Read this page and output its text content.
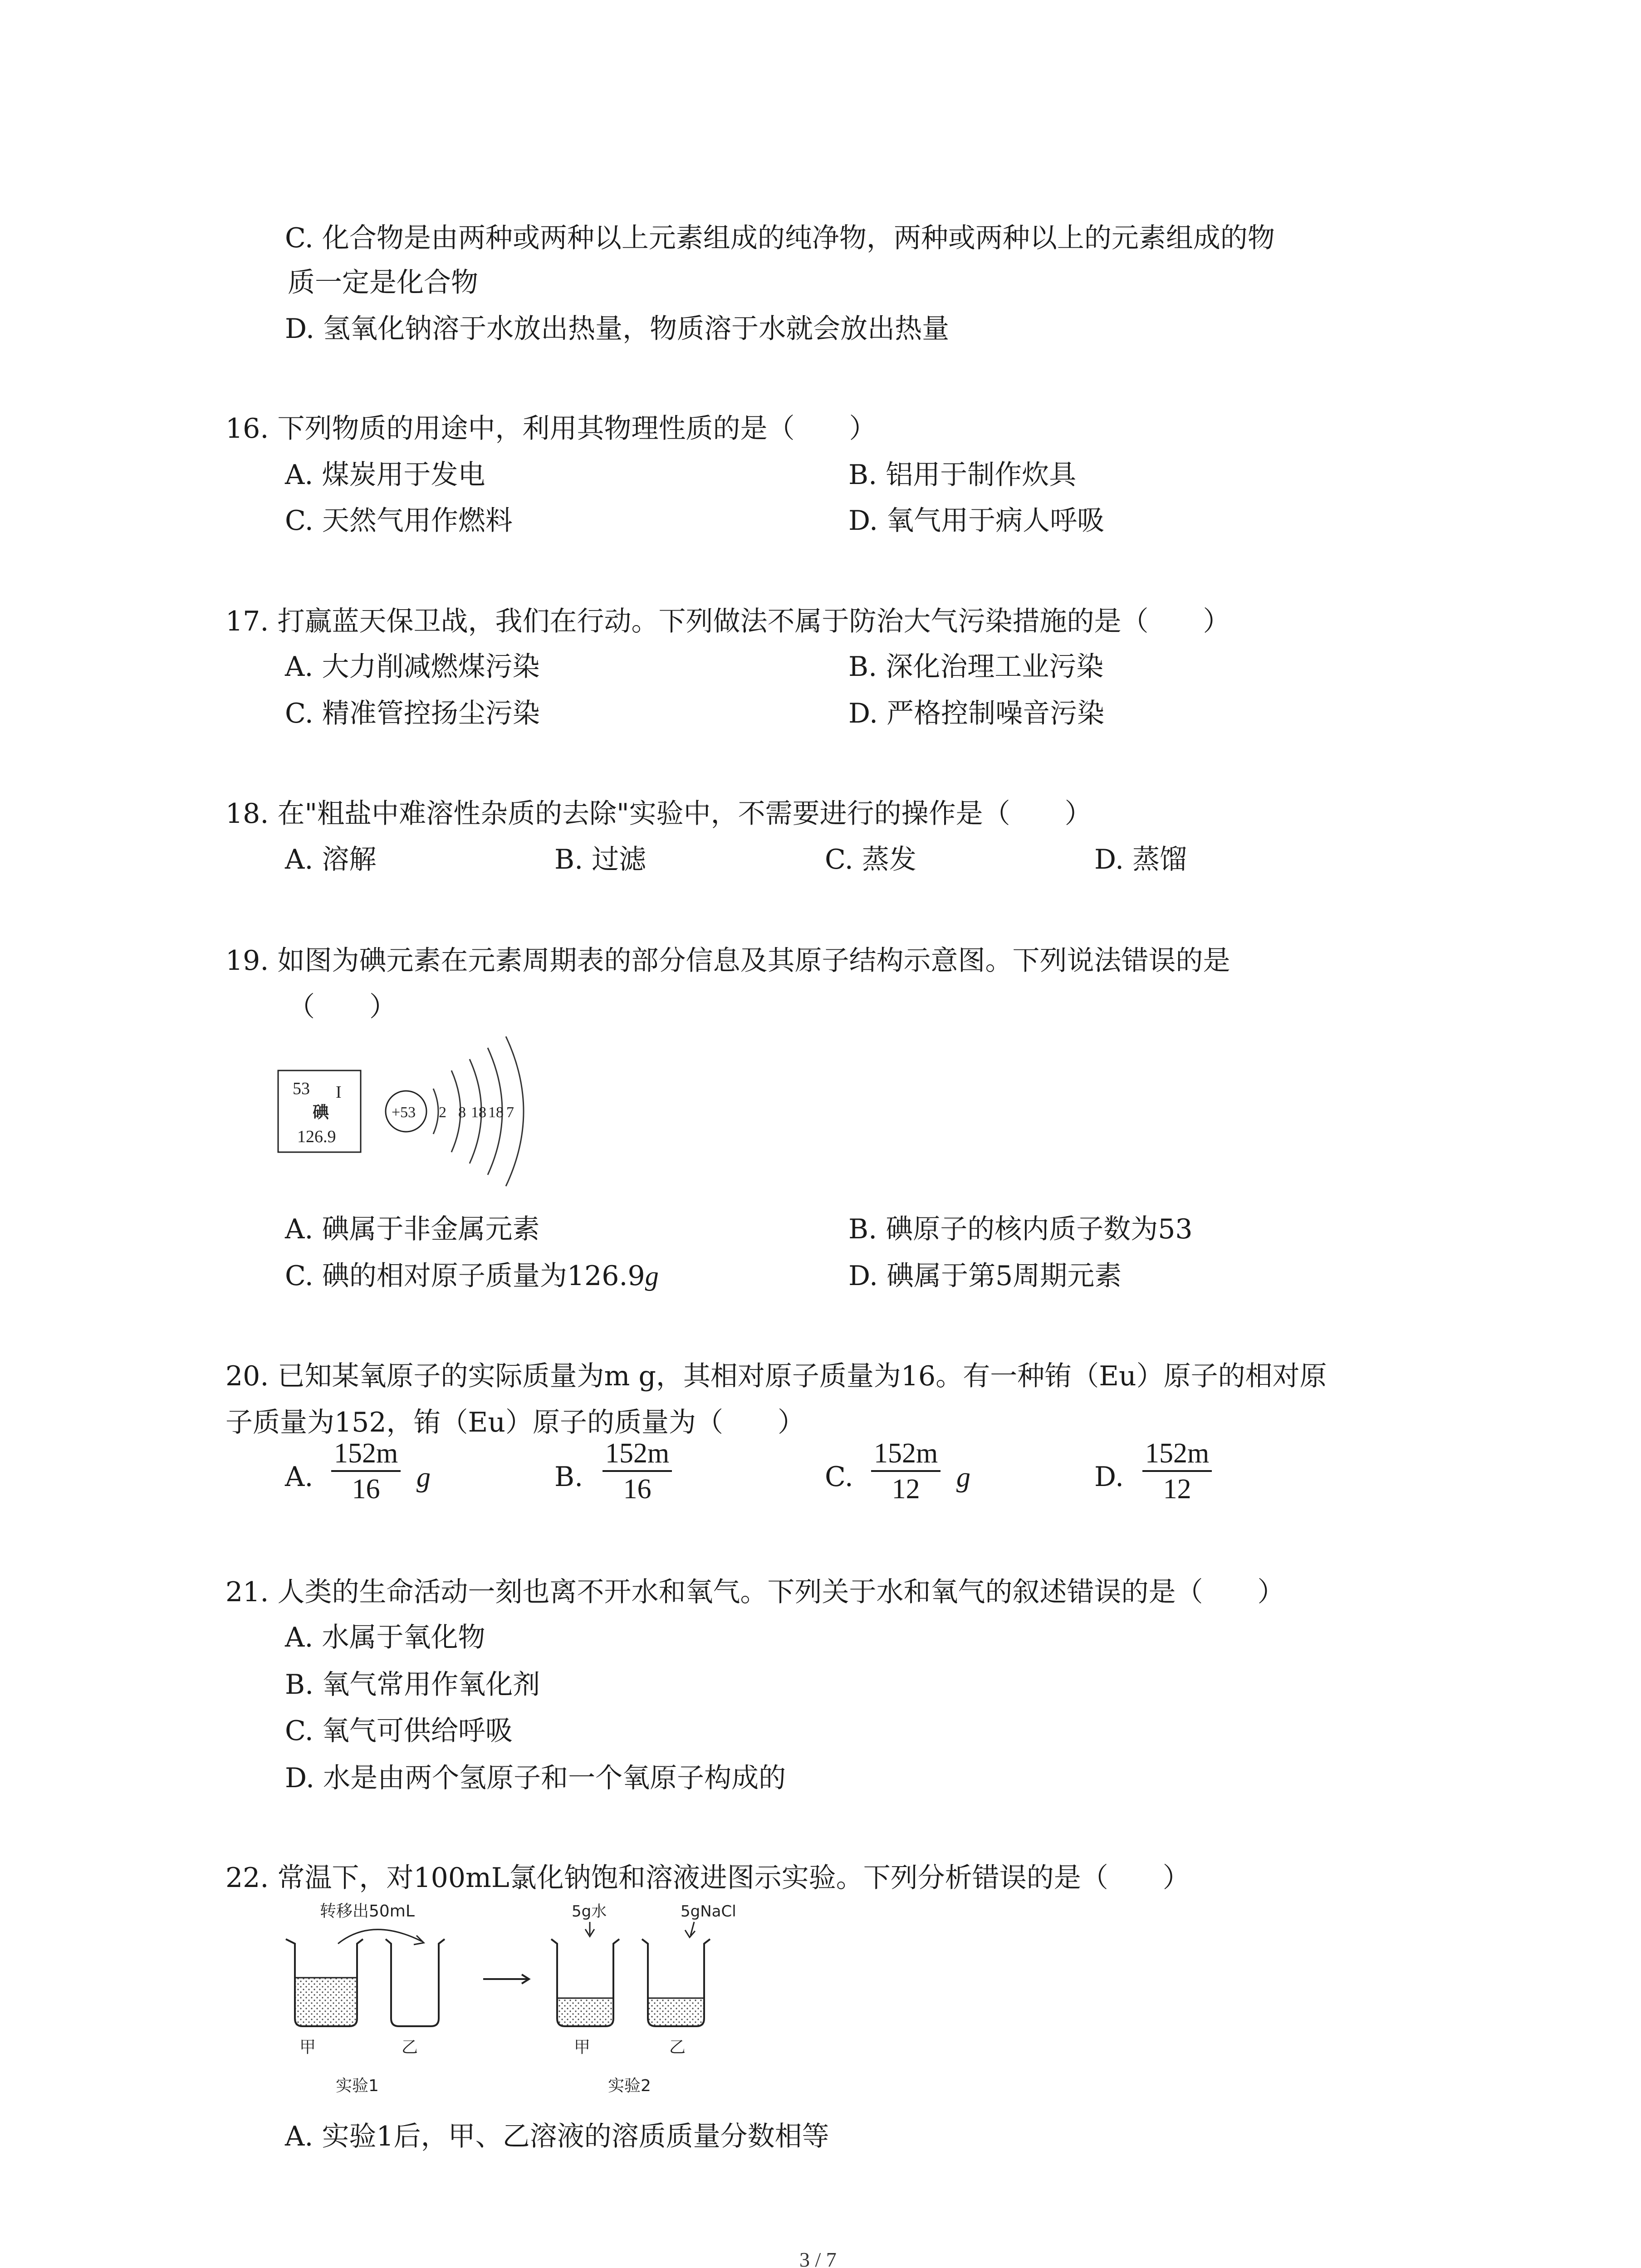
C. 化合物是由两种或两种以上元素组成的纯净物，两种或两种以上的元素组成的物
质一定是化合物
D. 氢氧化钠溶于水放出热量，物质溶于水就会放出热量
16. 下列物质的用途中，利用其物理性质的是（　　）
A. 煤炭用于发电	B. 铝用于制作炊具
C. 天然气用作燃料	D. 氧气用于病人呼吸
17. 打赢蓝天保卫战，我们在行动。下列做法不属于防治大气污染措施的是（　　）
A. 大力削减燃煤污染	B. 深化治理工业污染
C. 精准管控扬尘污染	D. 严格控制噪音污染
18. 在"粗盐中难溶性杂质的去除"实验中，不需要进行的操作是（　　）
A. 溶解	B. 过滤	C. 蒸发	D. 蒸馏
19. 如图为碘元素在元素周期表的部分信息及其原子结构示意图。下列说法错误的是
（　　）
53 I
碘
126.9
+53 2 8 18 18 7
A. 碘属于非金属元素	B. 碘原子的核内质子数为53
C. 碘的相对原子质量为126.9g	D. 碘属于第5周期元素
20. 已知某氧原子的实际质量为m g，其相对原子质量为16。有一种铕（Eu）原子的相对原
子质量为152，铕（Eu）原子的质量为（　　）
A.
152m
16	g	B.
152m
16	C.
152m
12	g	D.
152m
12
21. 人类的生命活动一刻也离不开水和氧气。下列关于水和氧气的叙述错误的是（　　）
A. 水属于氧化物
B. 氧气常用作氧化剂
C. 氧气可供给呼吸
D. 水是由两个氢原子和一个氧原子构成的
22. 常温下，对100mL氯化钠饱和溶液进图示实验。下列分析错误的是（　　）
转移出50mL
甲	乙
实验1
5g水	5gNaCl
甲	乙
实验2
A. 实验1后，甲、乙溶液的溶质质量分数相等
3 / 7
